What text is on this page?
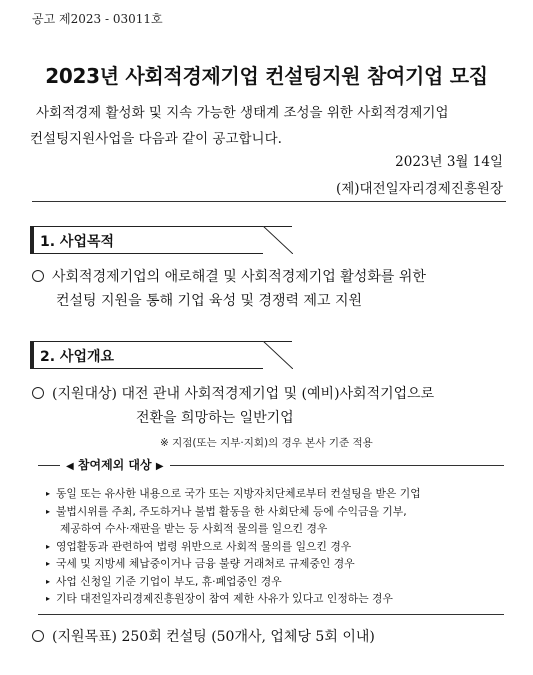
공고 제2023 - 03011호
2023년 사회적경제기업 컨설팅지원 참여기업 모집

사회적경제 활성화 및 지속 가능한 생태계 조성을 위한 사회적경제기업

컨설팅지원사업을 다음과 같이 공고합니다.

2023년 3월 14일
(제)대전일자리경제진흥원장
1. 사업목적
사회적경제기업의 애로해결 및 사회적경제기업 활성화를 위한
컨설팅 지원을 통해 기업 육성 및 경쟁력 제고 지원
2. 사업개요
(지원대상) 대전 관내 사회적경제기업 및 (예비)사회적기업으로
전환을 희망하는 일반기업
※ 지점(또는 지부·지회)의 경우 본사 기준 적용
◀ 참여제외 대상 ▶
▸ 동일 또는 유사한 내용으로 국가 또는 지방자치단체로부터 컨설팅을 받은 기업
▸ 불법시위를 주최, 주도하거나 불법 활동을 한 사회단체 등에 수익금을 기부,
제공하여 수사·재판을 받는 등 사회적 물의를 일으킨 경우
▸ 영업활동과 관련하여 법령 위반으로 사회적 물의를 일으킨 경우
▸ 국세 및 지방세 체납중이거나 금융 불량 거래처로 규제중인 경우
▸ 사업 신청일 기준 기업이 부도, 휴·폐업중인 경우
▸ 기타 대전일자리경제진흥원장이 참여 제한 사유가 있다고 인정하는 경우
(지원목표) 250회 컨설팅 (50개사, 업체당 5회 이내)
